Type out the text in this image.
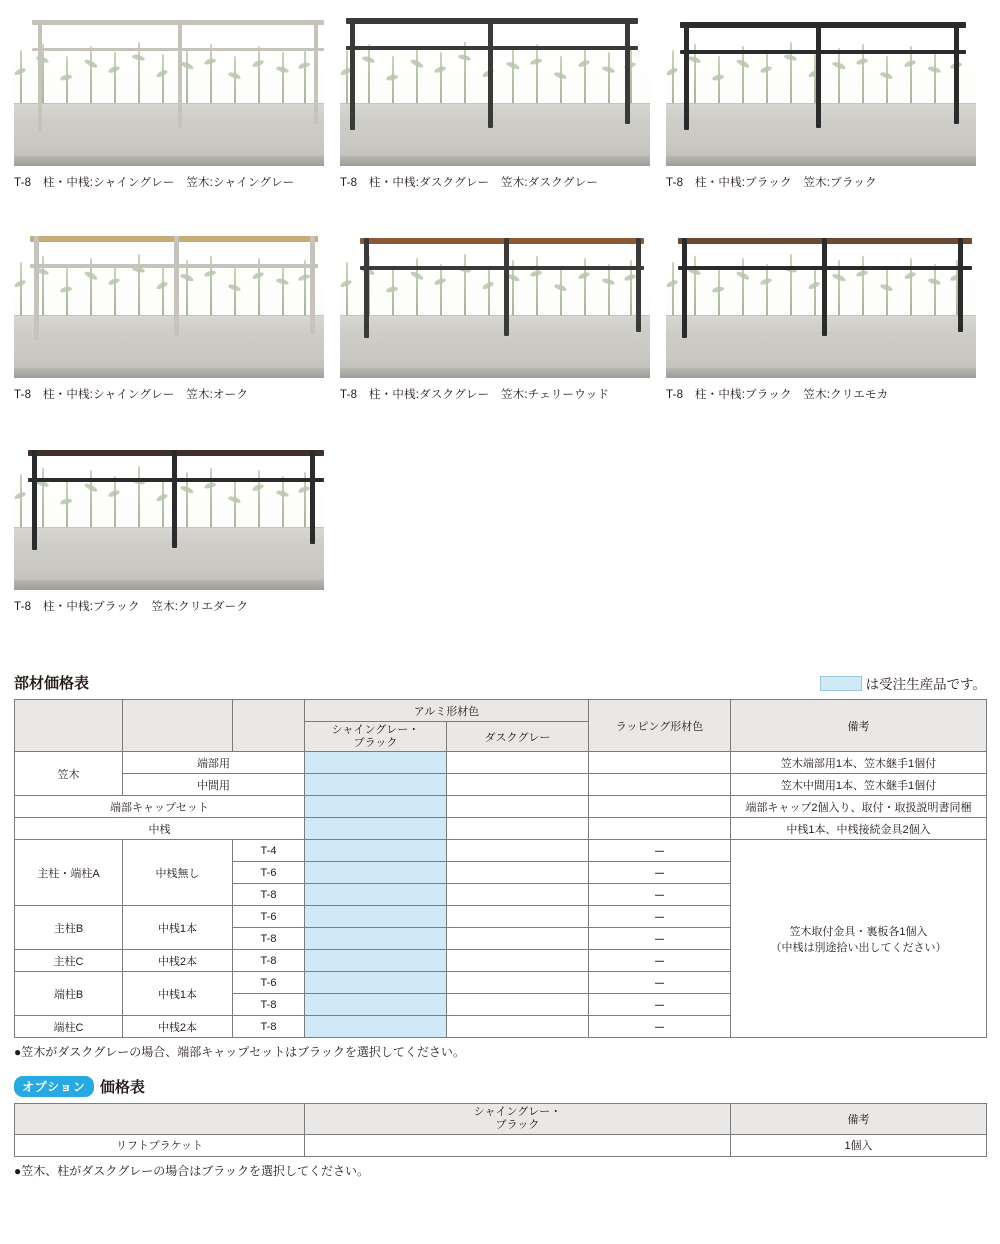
T-8　柱・中桟:シャイングレー　笠木:シャイングレー	T-8　柱・中桟:ダスクグレー　笠木:ダスクグレー	T-8　柱・中桟:ブラック　笠木:ブラック
T-8　柱・中桟:シャイングレー　笠木:オーク	T-8　柱・中桟:ダスクグレー　笠木:チェリーウッド	T-8　柱・中桟:ブラック　笠木:クリエモカ
T-8　柱・中桟:ブラック　笠木:クリエダーク
部材価格表	は受注生産品です。
			アルミ形材色		ラッピング形材色	備考
			シャイングレー・
ブラック	ダスクグレー		
笠木	端部用					笠木端部用1本、笠木継手1個付
	中間用					笠木中間用1本、笠木継手1個付
端部キャップセット						端部キャップ2個入り、取付・取扱説明書同梱
中桟						中桟1本、中桟接続金具2個入
主柱・端柱A	中桟無し	T-4			－	笠木取付金具・裏板各1個入
（中桟は別途拾い出してください）
		T-6			－	
		T-8			－	
主柱B	中桟1本	T-6			－	
		T-8			－	
主柱C	中桟2本	T-8			－	
端柱B	中桟1本	T-6			－	
		T-8			－	
端柱C	中桟2本	T-8			－	

●笠木がダスクグレーの場合、端部キャップセットはブラックを選択してください。

オプション 価格表
	シャイングレー・
ブラック	備考
リフトブラケット		1個入

●笠木、柱がダスクグレーの場合はブラックを選択してください。
